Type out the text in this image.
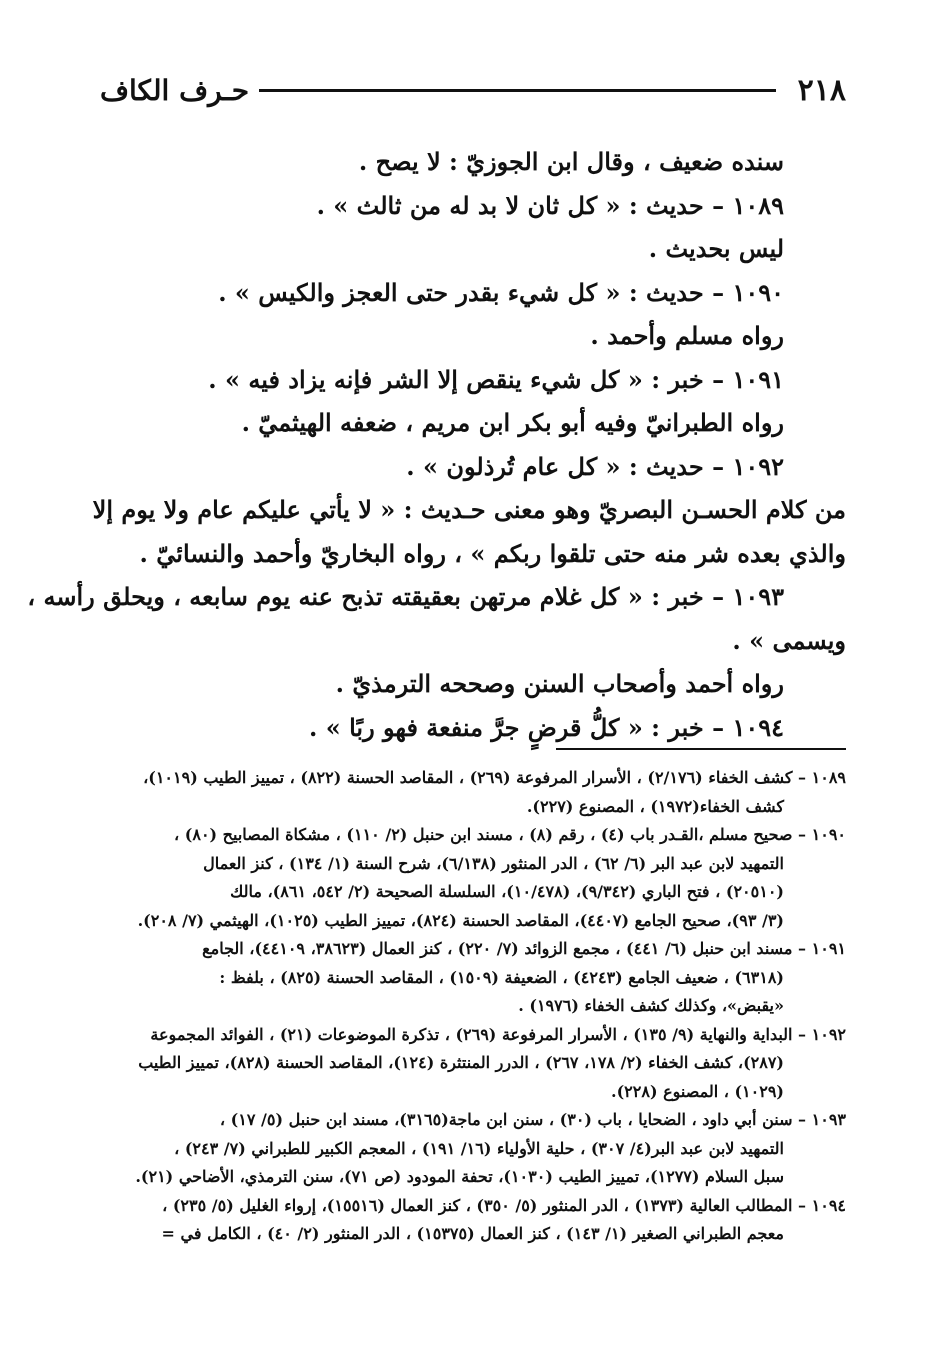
٢١٨
حـرف الكاف
سنده ضعيف ، وقال ابن الجوزيّ : لا يصح .
١٠٨٩ – حديث : « كل ثان لا بد له من ثالث » .
ليس بحديث .
١٠٩٠ – حديث : « كل شيء بقدر حتى العجز والكيس » .
رواه مسلم وأحمد .
١٠٩١ – خبر : « كل شيء ينقص إلا الشر فإنه يزاد فيه » .
رواه الطبرانيّ وفيه أبو بكر ابن مريم ، ضعفه الهيثميّ .
١٠٩٢ – حديث : « كل عام تُرذلون » .
من كلام الحسـن البصريّ وهو معنى حـديث : « لا يأتي عليكم عام ولا يوم إلا
والذي بعده شر منه حتى تلقوا ربكم » ، رواه البخاريّ وأحمد والنسائيّ .
١٠٩٣ – خبر : « كل غلام مرتهن بعقيقته تذبح عنه يوم سابعه ، ويحلق رأسه ،
ويسمى » .
رواه أحمد وأصحاب السنن وصححه الترمذيّ .
١٠٩٤ – خبر : « كلُّ قرضٍ جرَّ منفعة فهو ربًا » .
١٠٨٩ – كشف الخفاء (٢/١٧٦) ، الأسرار المرفوعة (٢٦٩) ، المقاصد الحسنة (٨٢٢) ، تمييز الطيب (١٠١٩)،
كشف الخفاء(١٩٧٢) ، المصنوع (٢٢٧).
١٠٩٠ – صحيح مسلم ،القـدر باب (٤) ، رقم (٨) ، مسند ابن حنبل (٢/ ١١٠) ، مشكاة المصابيح (٨٠) ،
التمهيد لابن عبد البر (٦/ ٦٢) ، الدر المنثور (٦/١٣٨)، شرح السنة (١/ ١٣٤) ، كنز العمال
(٢٠٥١٠) ، فتح الباري (٩/٣٤٢)، (١٠/٤٧٨)، السلسلة الصحيحة (٢/ ٥٤٢، ٨٦١)، مالك
(٣/ ٩٣)، صحيح الجامع (٤٤٠٧)، المقاصد الحسنة (٨٢٤)، تمييز الطيب (١٠٢٥)، الهيثمي (٧/ ٢٠٨).
١٠٩١ – مسند ابن حنبل (٦/ ٤٤١) ، مجمع الزوائد (٧/ ٢٢٠) ، كنز العمال (٣٨٦٢٣، ٤٤١٠٩)، الجامع
(٦٣١٨) ، ضعيف الجامع (٤٢٤٣) ، الضعيفة (١٥٠٩) ، المقاصد الحسنة (٨٢٥) ، بلفظ :
«يقبض»، وكذلك كشف الخفاء (١٩٧٦) .
١٠٩٢ – البداية والنهاية (٩/ ١٣٥) ، الأسرار المرفوعة (٢٦٩) ، تذكرة الموضوعات (٢١) ، الفوائد المجموعة
(٢٨٧)، كشف الخفاء (٢/ ١٧٨، ٢٦٧) ، الدرر المنتثرة (١٢٤)، المقاصد الحسنة (٨٢٨)، تمييز الطيب
(١٠٢٩) ، المصنوع (٢٢٨).
١٠٩٣ – سنن أبي داود ، الضحايا ، باب (٣٠) ، سنن ابن ماجة(٣١٦٥)، مسند ابن حنبل (٥/ ١٧) ،
التمهيد لابن عبد البر(٤/ ٣٠٧) ، حلية الأولياء (١٦/ ١٩١) ، المعجم الكبير للطبراني (٧/ ٢٤٣) ،
سبل السلام (١٢٧٧)، تمييز الطيب (١٠٣٠)، تحفة المودود (ص ٧١)، سنن الترمذي، الأضاحي (٢١).
١٠٩٤ – المطالب العالية (١٣٧٣) ، الدر المنثور (٥/ ٣٥٠) ، كنز العمال (١٥٥١٦)، إرواء الغليل (٥/ ٢٣٥) ،
معجم الطبراني الصغير (١/ ١٤٣) ، كنز العمال (١٥٣٧٥) ، الدر المنثور (٢/ ٤٠) ، الكامل في =
